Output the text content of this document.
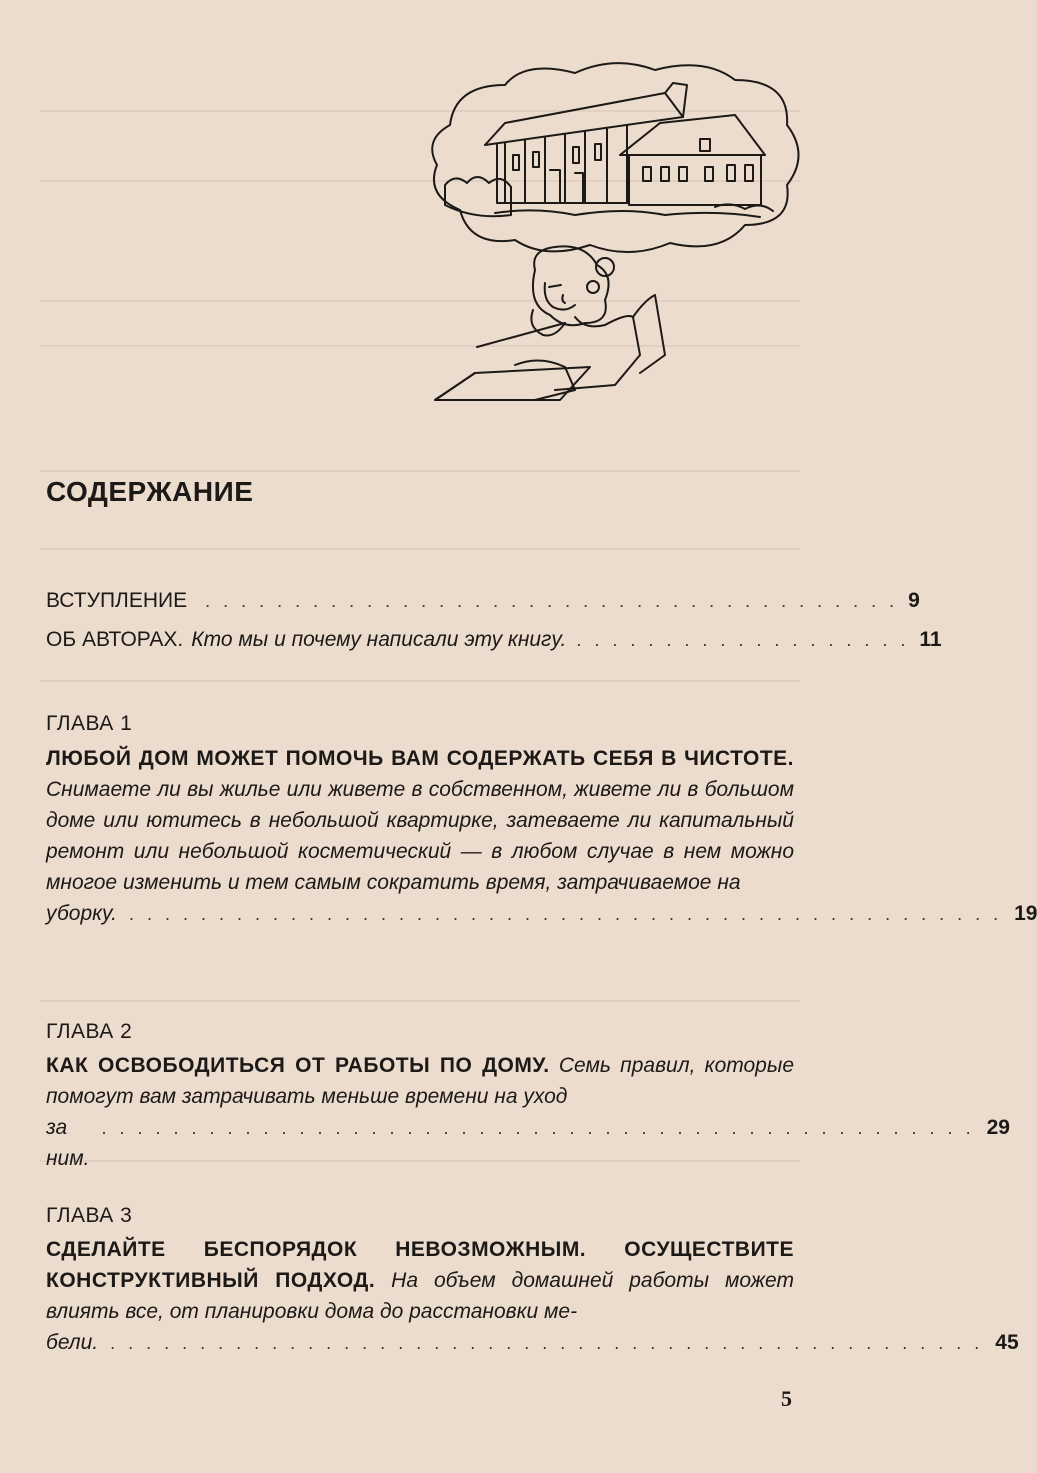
СОДЕРЖАНИЕ
ВСТУПЛЕНИЕ . . . . . . . . . . . . . . . . . . . . . . . . . . . . . . . . . . . . . . . 9
ОБ АВТОРАХ. Кто мы и почему написали эту книгу. . . . . . . . . . . . . . . . . . . . 11
ГЛАВА 1
ЛЮБОЙ ДОМ МОЖЕТ ПОМОЧЬ ВАМ СОДЕРЖАТЬ СЕБЯ В ЧИСТОТЕ. Снимаете ли вы жилье или живете в собственном, живете ли в большом доме или ютитесь в небольшой квартирке, затеваете ли капитальный ремонт или небольшой косметический — в любом случае в нем можно многое изменить и тем самым сократить время, затрачиваемое на
уборку. . . . . . . . . . . . . . . . . . . . . . . . . . . . . . . . . . . . . . . . . . . . . . . . . . 19
ГЛАВА 2
КАК ОСВОБОДИТЬСЯ ОТ РАБОТЫ ПО ДОМУ. Семь правил, которые помогут вам затрачивать меньше времени на уход
за ним.
. . . . . . . . . . . . . . . . . . . . . . . . . . . . . . . . . . . . . . . . . . . . . . . . . 29
ГЛАВА 3
СДЕЛАЙТЕ БЕСПОРЯДОК НЕВОЗМОЖНЫМ. ОСУЩЕСТВИТЕ КОНСТРУКТИВНЫЙ ПОДХОД. На объем домашней работы может влиять все, от планировки дома до расстановки ме-
бели. . . . . . . . . . . . . . . . . . . . . . . . . . . . . . . . . . . . . . . . . . . . . . . . . . 45
5
